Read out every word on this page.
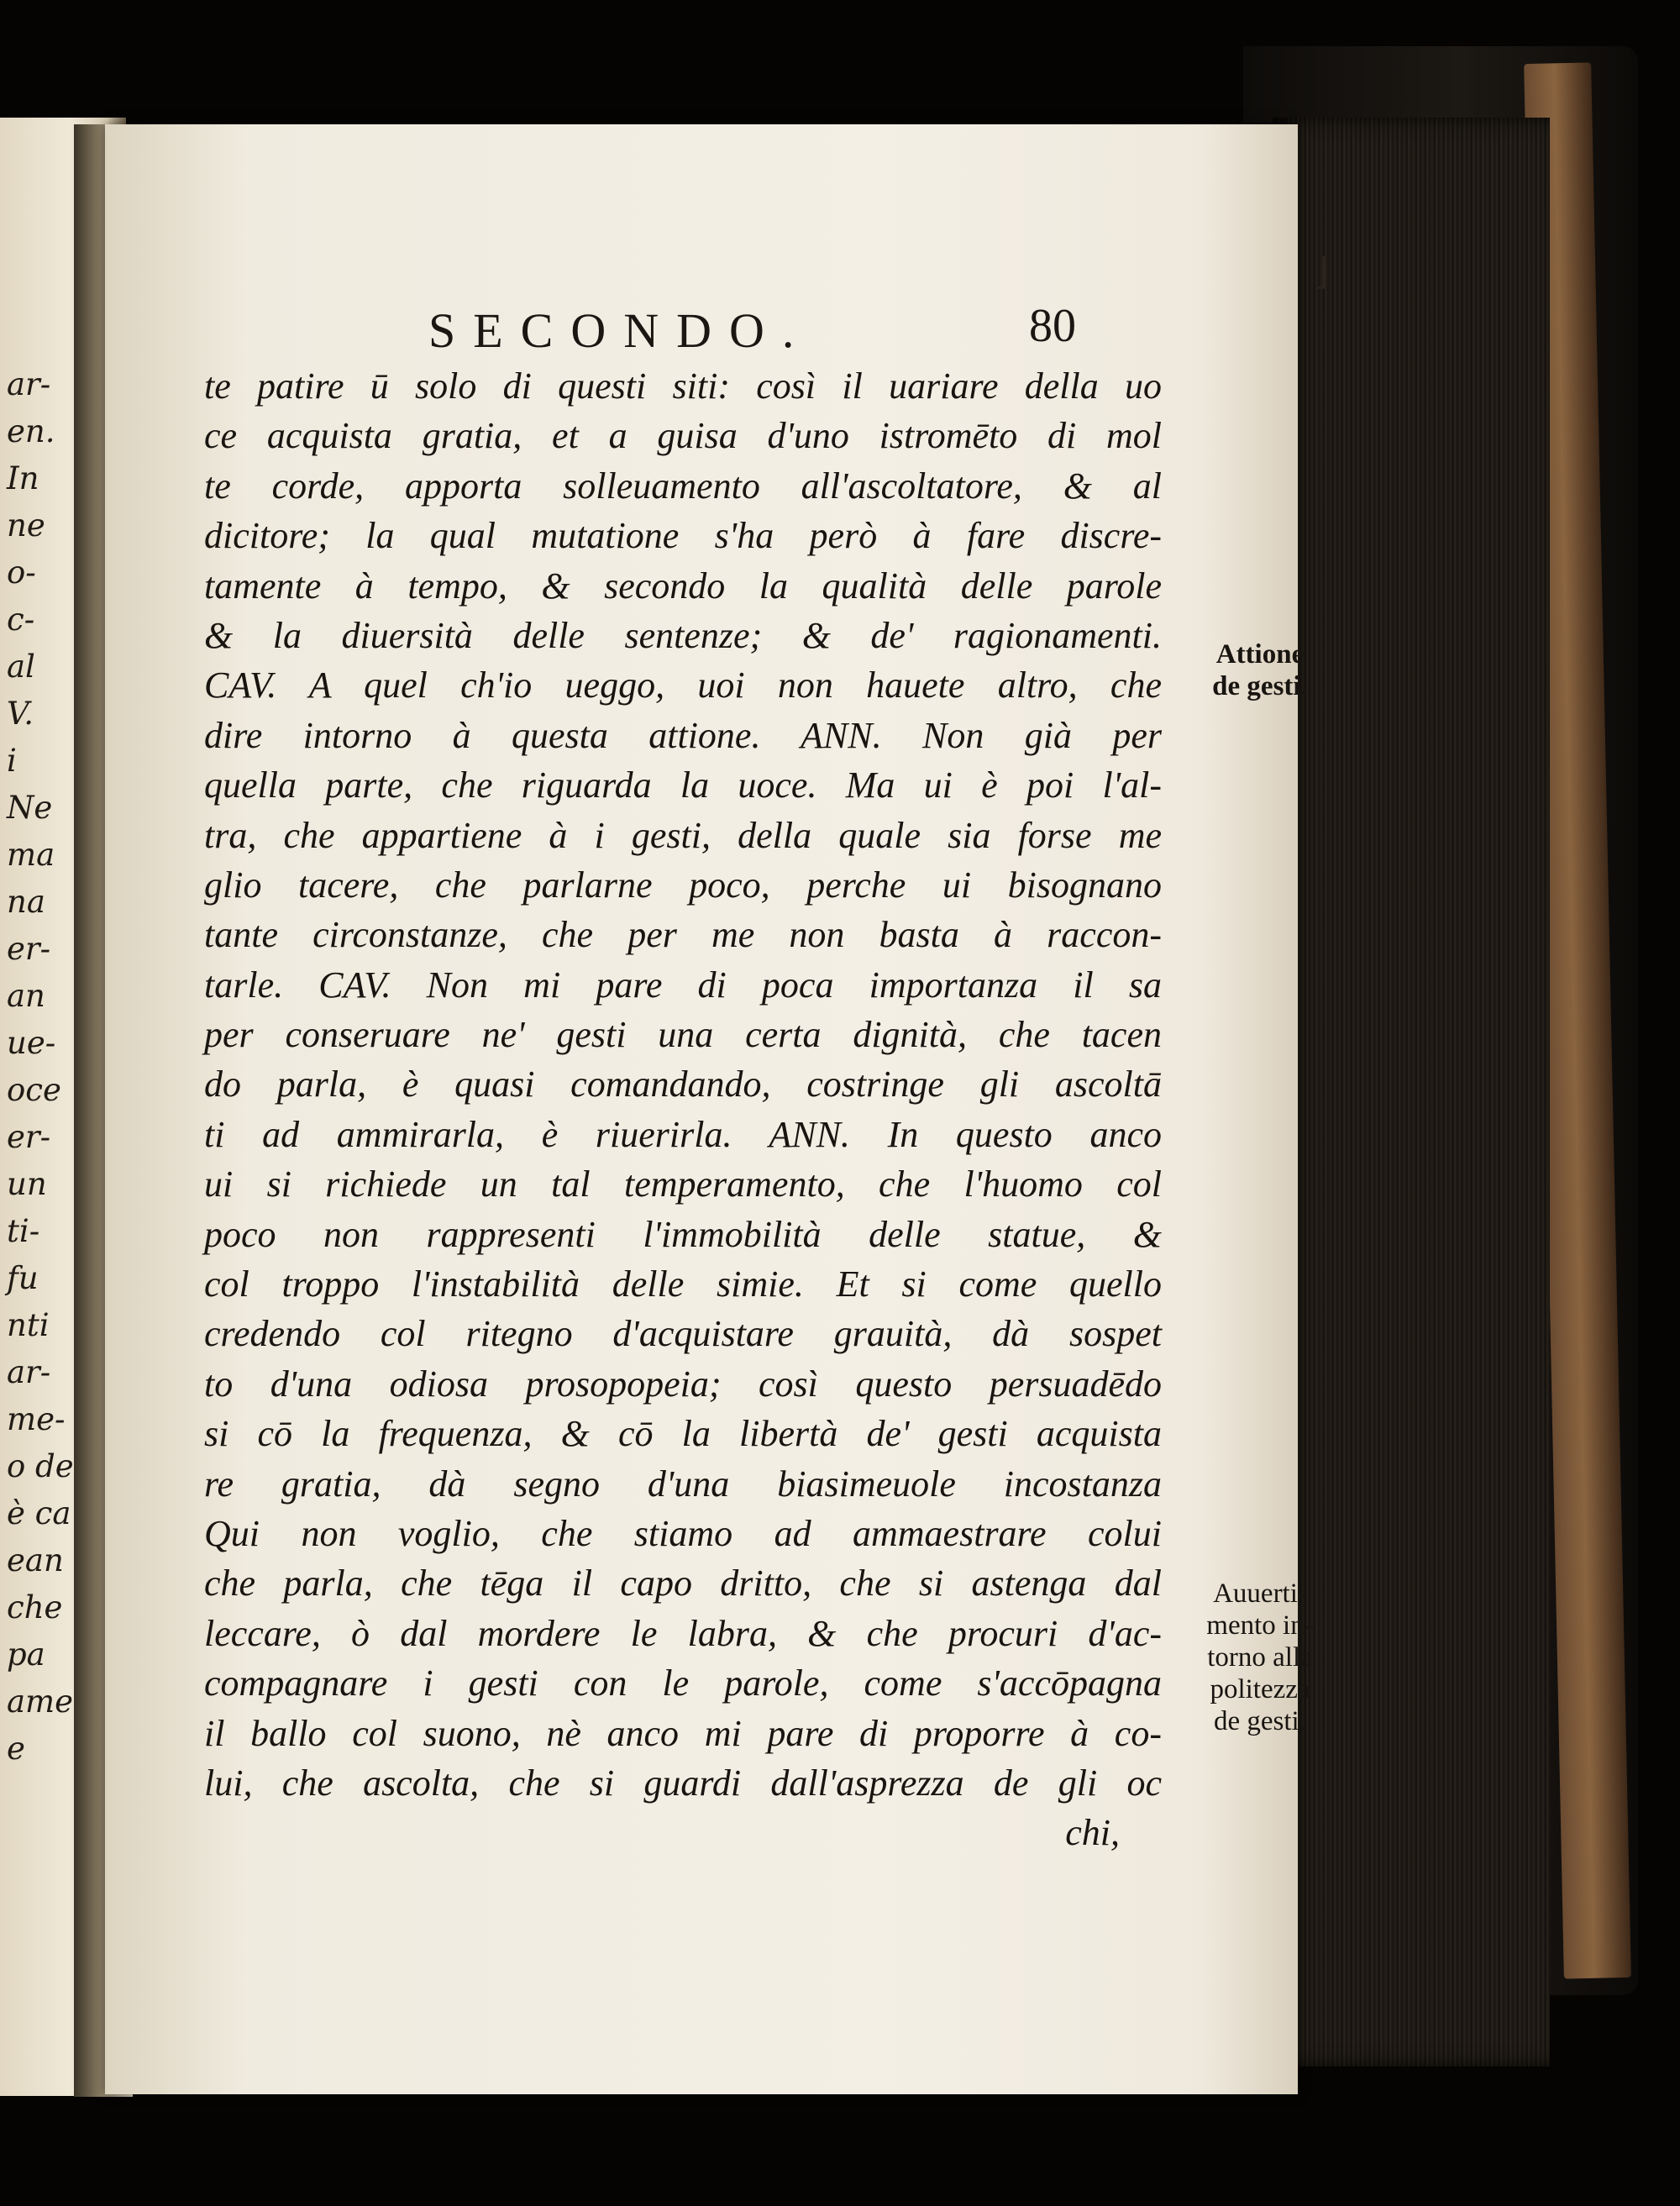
ar-
en.
In
ne
o-
c-
al
V.
i
Ne
ma
na
er-
an
ue-
oce
er-
un
ti-
fu
nti
ar-
me-
o de
è ca
ean
che
pa
ame
e
⌋
SECONDO.	80
te patire ū solo di questi siti: così il uariare della uo
ce acquista gratia, et a guisa d'uno istromēto di mol
te corde, apporta solleuamento all'ascoltatore, & al
dicitore; la qual mutatione s'ha però à fare discre-
tamente à tempo, & secondo la qualità delle parole
& la diuersità delle sentenze; & de' ragionamenti.
CAV. A quel ch'io ueggo, uoi non hauete altro, che
dire intorno à questa attione. ANN. Non già per
quella parte, che riguarda la uoce. Ma ui è poi l'al-
tra, che appartiene à i gesti, della quale sia forse me
glio tacere, che parlarne poco, perche ui bisognano
tante circonstanze, che per me non basta à raccon-
tarle. CAV. Non mi pare di poca importanza il sa
per conseruare ne' gesti una certa dignità, che tacen
do parla, è quasi comandando, costringe gli ascoltā
ti ad ammirarla, è riuerirla. ANN. In questo anco
ui si richiede un tal temperamento, che l'huomo col
poco non rappresenti l'immobilità delle statue, &
col troppo l'instabilità delle simie. Et si come quello
credendo col ritegno d'acquistare grauità, dà sospet
to d'una odiosa prosopopeia; così questo persuadēdo
si cō la frequenza, & cō la libertà de' gesti acquista
re gratia, dà segno d'una biasimeuole incostanza
Qui non voglio, che stiamo ad ammaestrare colui
che parla, che tēga il capo dritto, che si astenga dal
leccare, ò dal mordere le labra, & che procuri d'ac-
compagnare i gesti con le parole, come s'accōpagna
il ballo col suono, nè anco mi pare di proporre à co-
lui, che ascolta, che si guardi dall'asprezza de gli oc
chi,
Attione
de gesti.
Auuerti-
mento in-
torno alla
politezza
de gesti.
